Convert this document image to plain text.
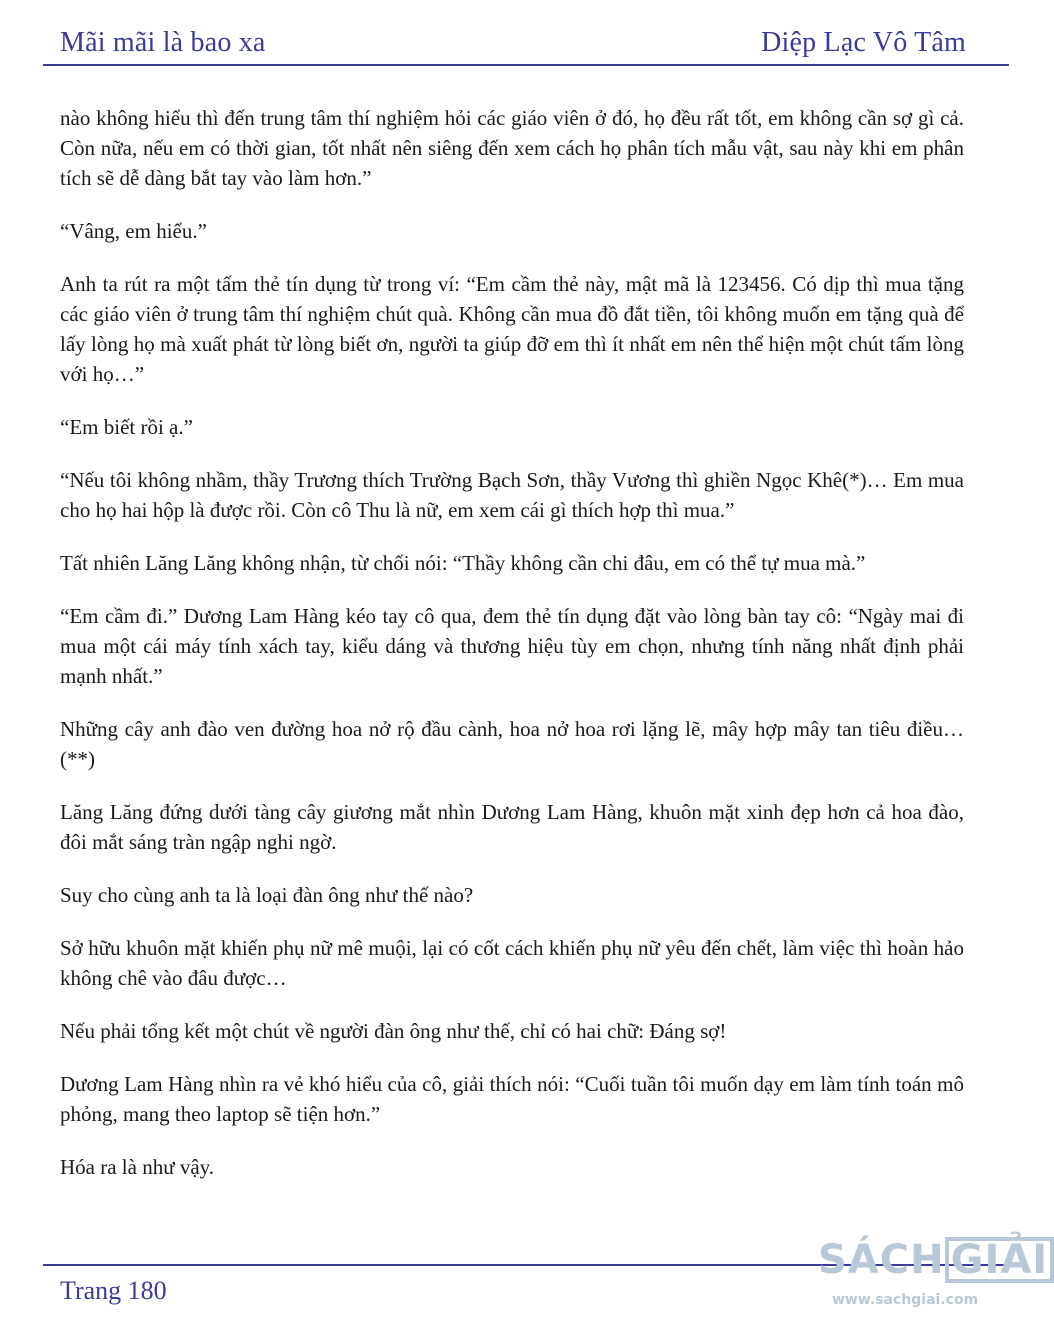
Mãi mãi là bao xa	Diệp Lạc Vô Tâm

nào không hiểu thì đến trung tâm thí nghiệm hỏi các giáo viên ở đó, họ đều rất tốt, em không cần sợ gì cả. Còn nữa, nếu em có thời gian, tốt nhất nên siêng đến xem cách họ phân tích mẫu vật, sau này khi em phân tích sẽ dễ dàng bắt tay vào làm hơn.”

“Vâng, em hiểu.”

Anh ta rút ra một tấm thẻ tín dụng từ trong ví: “Em cầm thẻ này, mật mã là 123456. Có dịp thì mua tặng các giáo viên ở trung tâm thí nghiệm chút quà. Không cần mua đồ đắt tiền, tôi không muốn em tặng quà để lấy lòng họ mà xuất phát từ lòng biết ơn, người ta giúp đỡ em thì ít nhất em nên thể hiện một chút tấm lòng với họ…”

“Em biết rồi ạ.”

“Nếu tôi không nhầm, thầy Trương thích Trường Bạch Sơn, thầy Vương thì ghiền Ngọc Khê(*)… Em mua cho họ hai hộp là được rồi. Còn cô Thu là nữ, em xem cái gì thích hợp thì mua.”

Tất nhiên Lăng Lăng không nhận, từ chối nói: “Thầy không cần chi đâu, em có thể tự mua mà.”

“Em cầm đi.” Dương Lam Hàng kéo tay cô qua, đem thẻ tín dụng đặt vào lòng bàn tay cô: “Ngày mai đi mua một cái máy tính xách tay, kiểu dáng và thương hiệu tùy em chọn, nhưng tính năng nhất định phải mạnh nhất.”

Những cây anh đào ven đường hoa nở rộ đầu cành, hoa nở hoa rơi lặng lẽ, mây hợp mây tan tiêu điều…(**)

Lăng Lăng đứng dưới tàng cây giương mắt nhìn Dương Lam Hàng, khuôn mặt xinh đẹp hơn cả hoa đào, đôi mắt sáng tràn ngập nghi ngờ.

Suy cho cùng anh ta là loại đàn ông như thế nào?

Sở hữu khuôn mặt khiến phụ nữ mê muội, lại có cốt cách khiến phụ nữ yêu đến chết, làm việc thì hoàn hảo không chê vào đâu được…

Nếu phải tổng kết một chút về người đàn ông như thế, chỉ có hai chữ: Đáng sợ!

Dương Lam Hàng nhìn ra vẻ khó hiểu của cô, giải thích nói: “Cuối tuần tôi muốn dạy em làm tính toán mô phỏng, mang theo laptop sẽ tiện hơn.”

Hóa ra là như vậy.

Trang 180
SÁCH GIẢI
www.sachgiai.com
